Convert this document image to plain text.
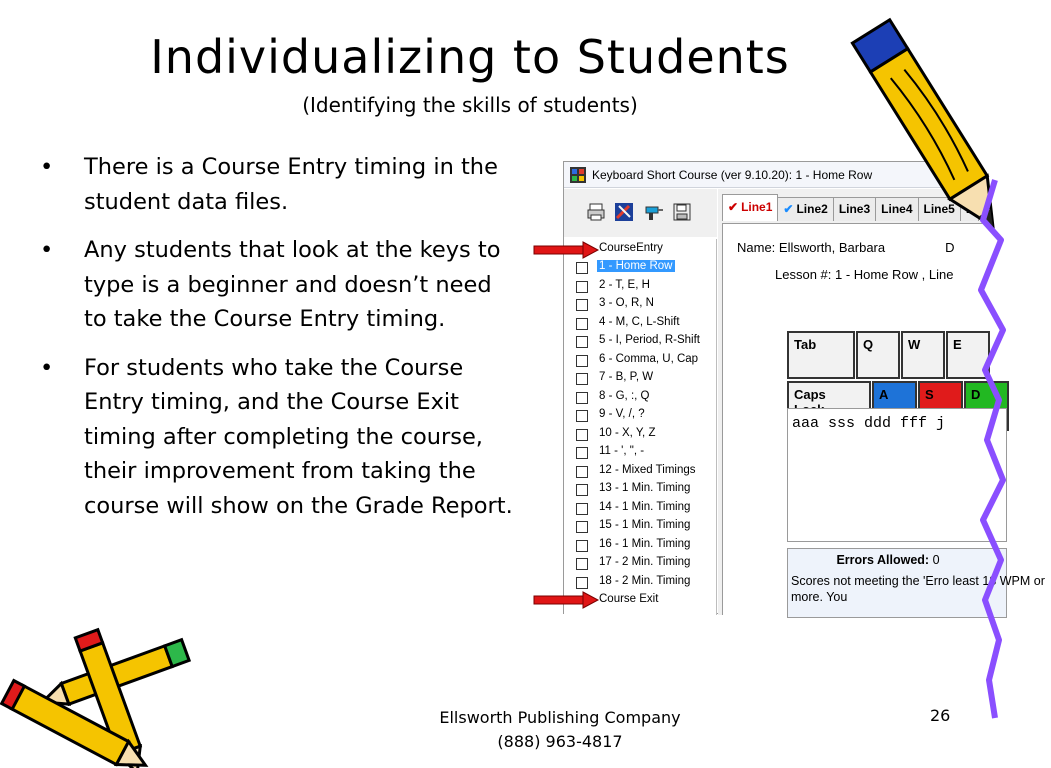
Individualizing to Students
(Identifying the skills of students)
• There is a Course Entry timing in the student data files.
• Any students that look at the keys to type is a beginner and doesn’t need to take the Course Entry timing.
• For students who take the Course Entry timing, and the Course Exit timing after completing the course, their improvement from taking the course will show on the Grade Report.
Ellsworth Publishing Company
(888) 963-4817
26
Keyboard Short Course (ver 9.10.20): 1 - Home Row
CourseEntry
1 - Home Row
2 - T, E, H
3 - O, R, N
4 - M, C, L-Shift
5 - I, Period, R-Shift
6 - Comma, U, Cap
7 - B, P, W
8 - G, :, Q
9 - V, /, ?
10 - X, Y, Z
11 - ', ", -
12 - Mixed Timings
13 - 1 Min. Timing
14 - 1 Min. Timing
15 - 1 Min. Timing
16 - 1 Min. Timing
17 - 2 Min. Timing
18 - 2 Min. Timing
Course Exit
✔ Line1 ✔ Line2 Line3 Line4 Line5
Name: Ellsworth, Barbara	D
Lesson #: 1 - Home Row , Line
Tab	Q	W	E
Caps	A	S	D
aaa sss ddd fff j
Errors Allowed: 0
Scores not meeting the 'Erro least 18 WPM or more. You
